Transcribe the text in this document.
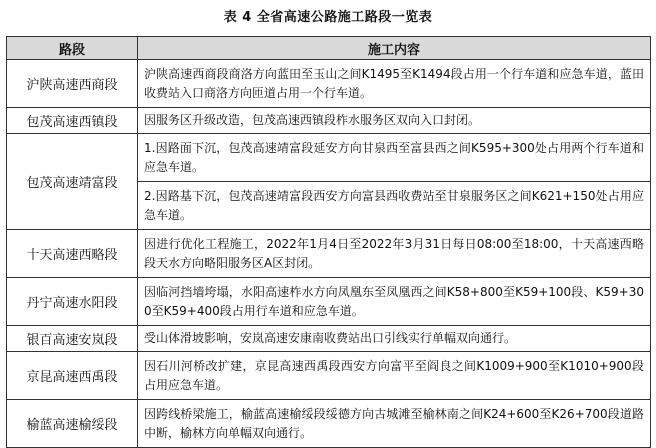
表 4 全省高速公路施工路段一览表
路段	施工内容
沪陕高速西商段	沪陕高速西商段商洛方向蓝田至玉山之间K1495至K1494段占用一个行车道和应急车道，蓝田收费站入口商洛方向匝道占用一个行车道。
包茂高速西镇段	因服务区升级改造，包茂高速西镇段柞水服务区双向入口封闭。
包茂高速靖富段	1.因路面下沉，包茂高速靖富段延安方向甘泉西至富县西之间K595+300处占用两个行车道和应急车道。
	2.因路基下沉，包茂高速靖富段西安方向富县西收费站至甘泉服务区之间K621+150处占用应急车道。
十天高速西略段	因进行优化工程施工，2022年1月4日至2022年3月31日每日08:00至18:00，十天高速西略段天水方向略阳服务区A区封闭。
丹宁高速水阳段	因临河挡墙垮塌，水阳高速柞水方向凤凰东至凤凰西之间K58+800至K59+100段、K59+300至K59+400段占用行车道和应急车道。
银百高速安岚段	受山体滑坡影响，安岚高速安康南收费站出口引线实行单幅双向通行。
京昆高速西禹段	因石川河桥改扩建，京昆高速西禹段西安方向富平至阎良之间K1009+900至K1010+900段占用应急车道。
榆蓝高速榆绥段	因跨线桥梁施工，榆蓝高速榆绥段绥德方向古城滩至榆林南之间K24+600至K26+700段道路中断，榆林方向单幅双向通行。
